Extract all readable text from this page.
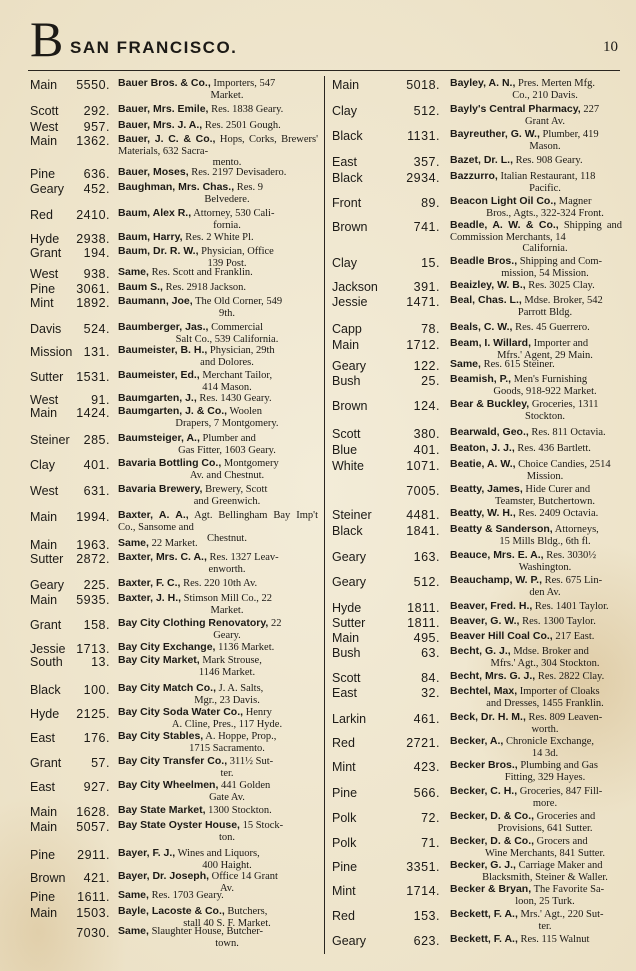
B SAN FRANCISCO.	10
Main	5550. Bauer Bros. & Co., Importers, 547
Market.
Scott	292. Bauer, Mrs. Emile, Res. 1838 Geary.
West	957. Bauer, Mrs. J. A., Res. 2501 Gough.
Main	1362. Bauer, J. C. & Co., Hops, Corks, Brewers' Materials, 632 Sacra-
mento.
Pine	636. Bauer, Moses, Res. 2197 Devisadero.
Geary	452. Baughman, Mrs. Chas., Res. 9
Belvedere.
Red	2410. Baum, Alex R., Attorney, 530 Cali-
fornia.
Hyde	2938. Baum, Harry, Res. 2 White Pl.
Grant	194. Baum, Dr. R. W., Physician, Office
139 Post.
West	938. Same, Res. Scott and Franklin.
Pine	3061. Baum S., Res. 2918 Jackson.
Mint	1892. Baumann, Joe, The Old Corner, 549
9th.
Davis	524. Baumberger, Jas., Commercial
Salt Co., 539 California.
Mission 131. Baumeister, B. H., Physician, 29th
and Dolores.
Sutter	1531. Baumeister, Ed., Merchant Tailor,
414 Mason.
West	91. Baumgarten, J., Res. 1430 Geary.
Main	1424. Baumgarten, J. & Co., Woolen
Drapers, 7 Montgomery.
Steiner	285. Baumsteiger, A., Plumber and
Gas Fitter, 1603 Geary.
Clay	401. Bavaria Bottling Co., Montgomery
Av. and Chestnut.
West	631. Bavaria Brewery, Brewery, Scott
and Greenwich.
Main	1994. Baxter, A. A., Agt. Bellingham Bay Imp't Co., Sansome and
Chestnut.
Main	1963. Same, 22 Market.
Sutter	2872. Baxter, Mrs. C. A., Res. 1327 Leav-
enworth.
Geary	225. Baxter, F. C., Res. 220 10th Av.
Main	5935. Baxter, J. H., Stimson Mill Co., 22
Market.
Grant	158. Bay City Clothing Renovatory, 22
Geary.
Jessie 1713. Bay City Exchange, 1136 Market.
South	13. Bay City Market, Mark Strouse,
1146 Market.
Black	100. Bay City Match Co., J. A. Salts,
Mgr., 23 Davis.
Hyde	2125. Bay City Soda Water Co., Henry
A. Cline, Pres., 117 Hyde.
East	176. Bay City Stables, A. Hoppe, Prop.,
1715 Sacramento.
Grant	57. Bay City Transfer Co., 311½ Sut-
ter.
East	927. Bay City Wheelmen, 441 Golden
Gate Av.
Main	1628. Bay State Market, 1300 Stockton.
Main	5057. Bay State Oyster House, 15 Stock-
ton.
Pine	2911. Bayer, F. J., Wines and Liquors,
400 Haight.
Brown	421. Bayer, Dr. Joseph, Office 14 Grant
Av.
Pine	1611. Same, Res. 1703 Geary.
Main	1503. Bayle, Lacoste & Co., Butchers,
stall 40 S. F. Market.
7030. Same, Slaughter House, Butcher-
town.
Main	5018. Bayley, A. N., Pres. Merten Mfg.
Co., 210 Davis.
Clay	512. Bayly's Central Pharmacy, 227
Grant Av.
Black	1131. Bayreuther, G. W., Plumber, 419
Mason.
East	357. Bazet, Dr. L., Res. 908 Geary.
Black	2934. Bazzurro, Italian Restaurant, 118
Pacific.
Front	89. Beacon Light Oil Co., Magner
Bros., Agts., 322-324 Front.
Brown	741. Beadle, A. W. & Co., Shipping and Commission Merchants, 14
California.
Clay	15. Beadle Bros., Shipping and Com-
mission, 54 Mission.
Jackson	391. Beaizley, W. B., Res. 3025 Clay.
Jessie	1471. Beal, Chas. L., Mdse. Broker, 542
Parrott Bldg.
Capp	78. Beals, C. W., Res. 45 Guerrero.
Main	1712. Beam, I. Willard, Importer and
Mfrs.' Agent, 29 Main.
Geary	122. Same, Res. 615 Steiner.
Bush	25. Beamish, P., Men's Furnishing
Goods, 918-922 Market.
Brown	124. Bear & Buckley, Groceries, 1311
Stockton.
Scott	380. Bearwald, Geo., Res. 811 Octavia.
Blue	401. Beaton, J. J., Res. 436 Bartlett.
White	1071. Beatie, A. W., Choice Candies, 2514
Mission.
7005. Beatty, James, Hide Curer and
Teamster, Butchertown.
Steiner	4481. Beatty, W. H., Res. 2409 Octavia.
Black	1841. Beatty & Sanderson, Attorneys,
15 Mills Bldg., 6th fl.
Geary	163. Beauce, Mrs. E. A., Res. 3030½
Washington.
Geary	512. Beauchamp, W. P., Res. 675 Lin-
den Av.
Hyde	1811. Beaver, Fred. H., Res. 1401 Taylor.
Sutter	1811. Beaver, G. W., Res. 1300 Taylor.
Main	495. Beaver Hill Coal Co., 217 East.
Bush	63. Becht, G. J., Mdse. Broker and
Mfrs.' Agt., 304 Stockton.
Scott	84. Becht, Mrs. G. J., Res. 2822 Clay.
East	32. Bechtel, Max, Importer of Cloaks
and Dresses, 1455 Franklin.
Larkin	461. Beck, Dr. H. M., Res. 809 Leaven-
worth.
Red	2721. Becker, A., Chronicle Exchange,
14 3d.
Mint	423. Becker Bros., Plumbing and Gas
Fitting, 329 Hayes.
Pine	566. Becker, C. H., Groceries, 847 Fill-
more.
Polk	72. Becker, D. & Co., Groceries and
Provisions, 641 Sutter.
Polk	71. Becker, D. & Co., Grocers and
Wine Merchants, 841 Sutter.
Pine	3351. Becker, G. J., Carriage Maker and
Blacksmith, Steiner & Waller.
Mint	1714. Becker & Bryan, The Favorite Sa-
loon, 25 Turk.
Red	153. Beckett, F. A., Mrs.' Agt., 220 Sut-
ter.
Geary	623. Beckett, F. A., Res. 115 Walnut
